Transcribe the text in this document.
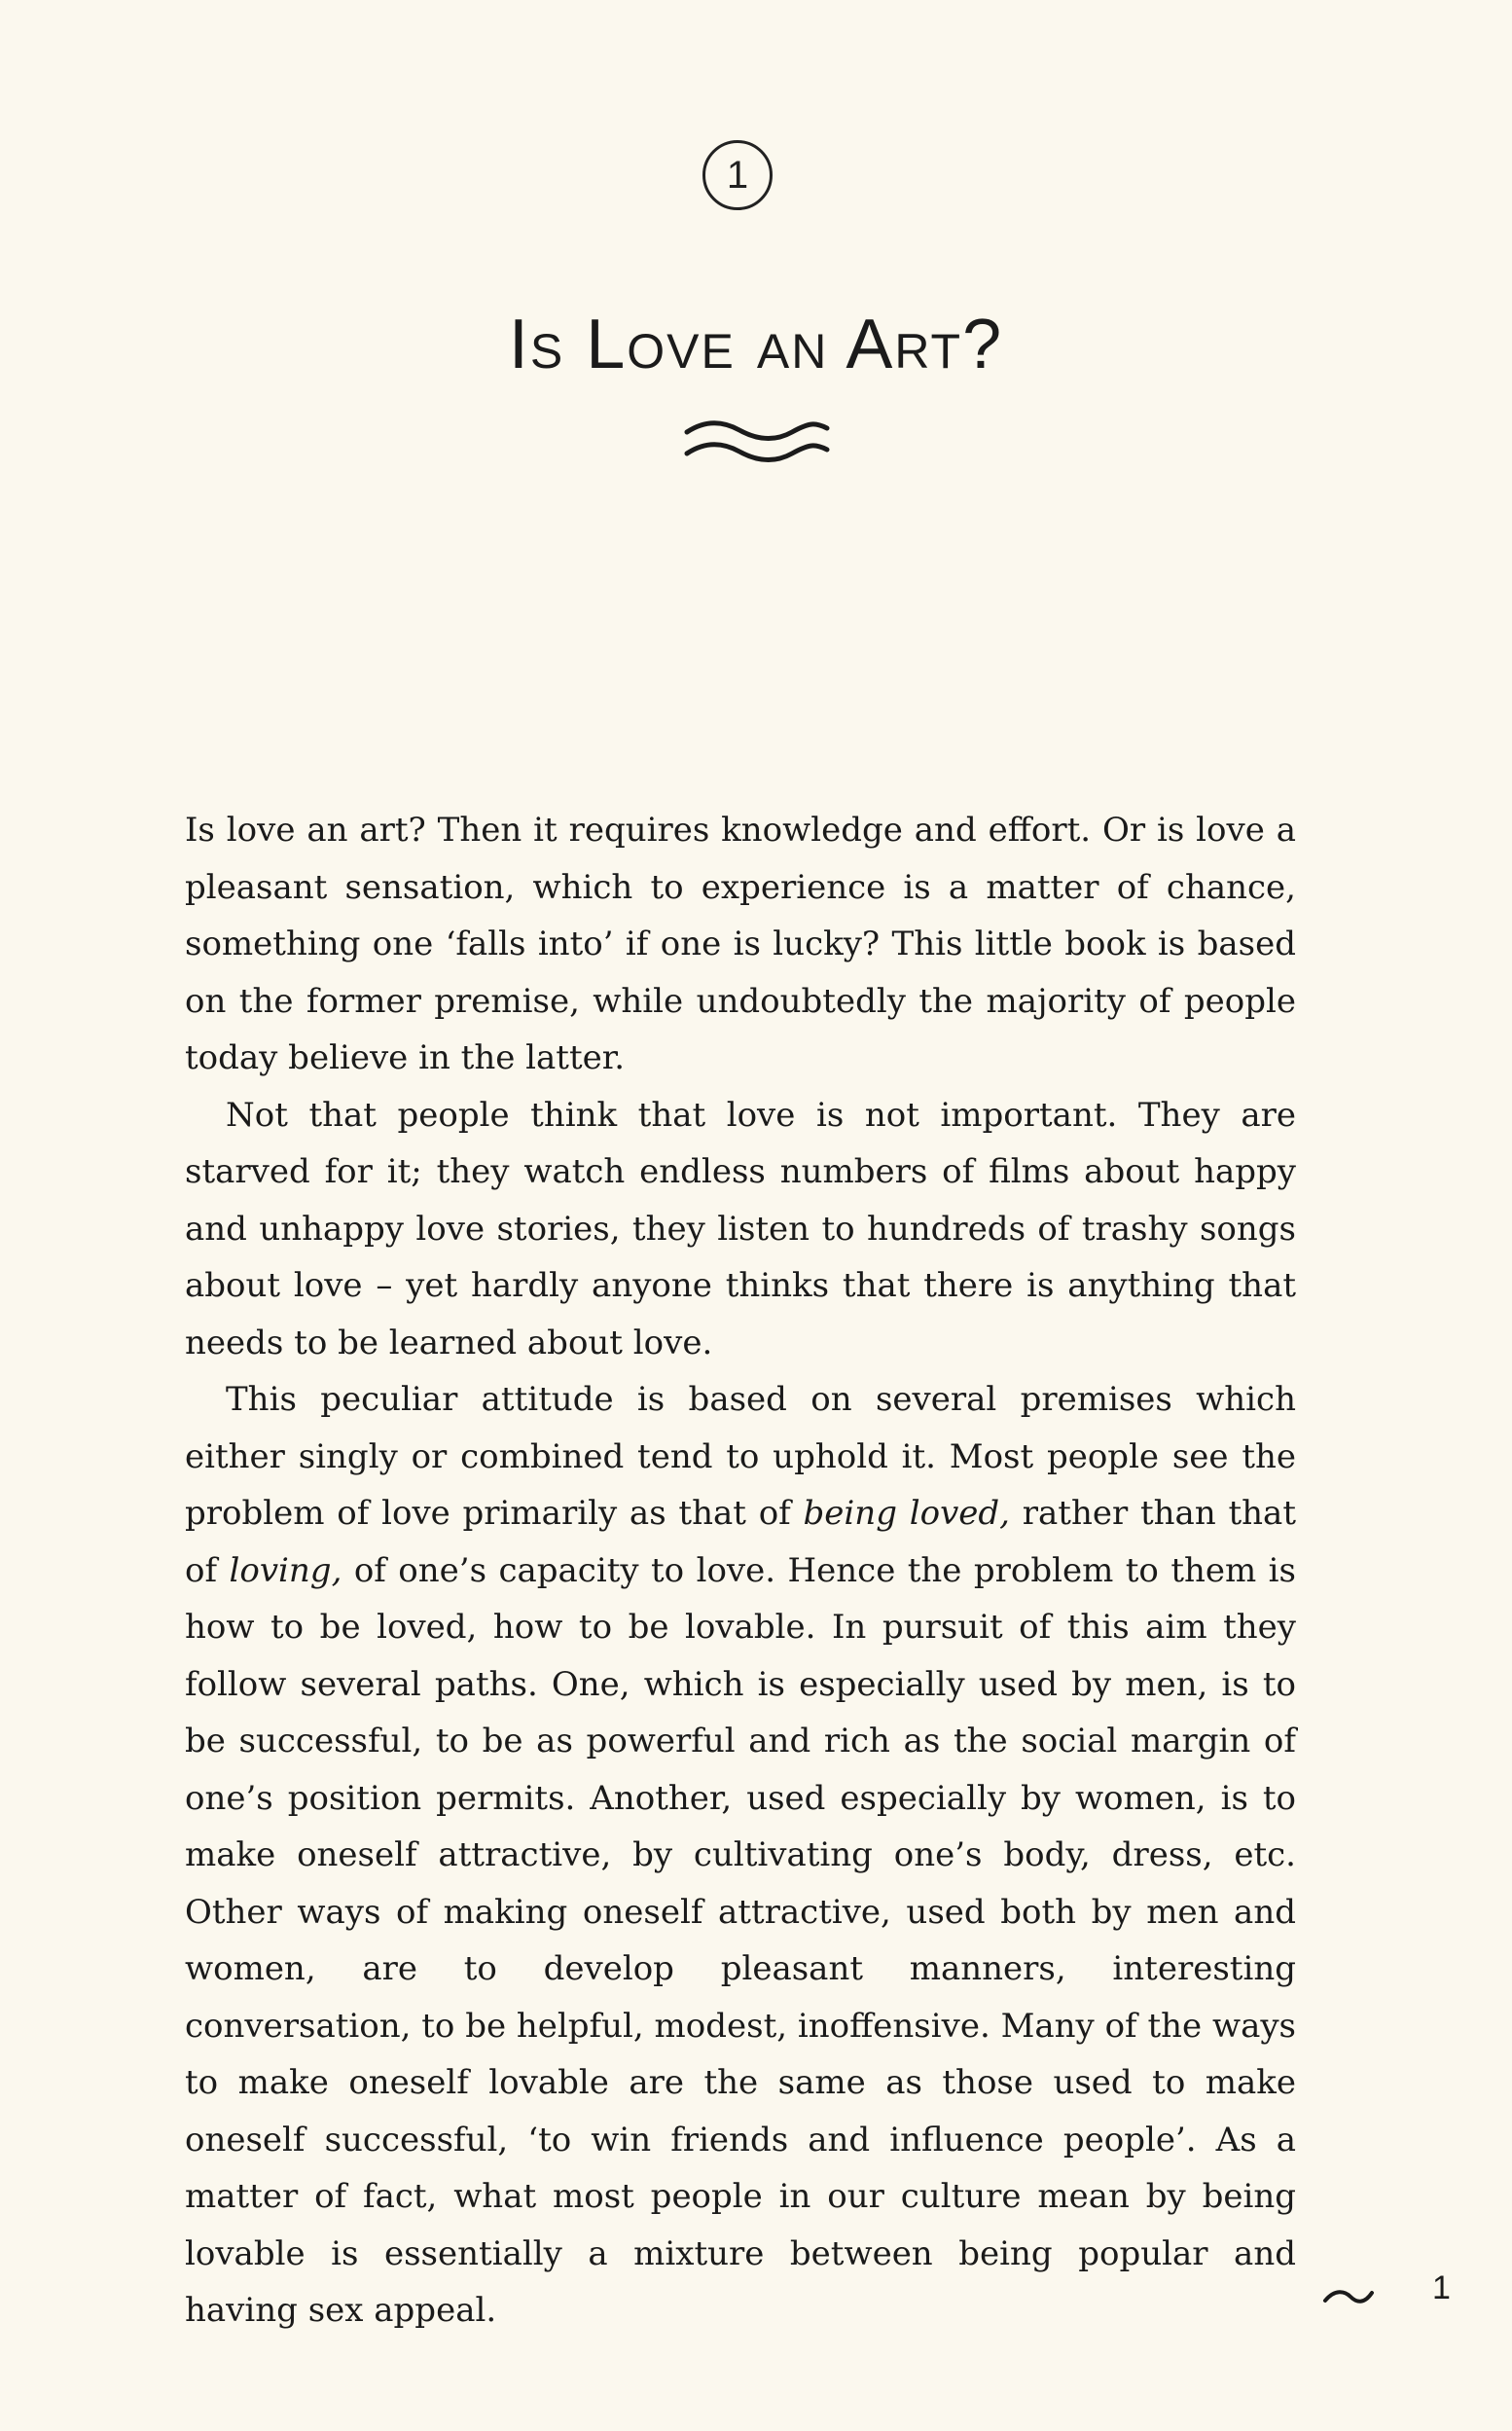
1
Is Love an Art?

Is love an art? Then it requires knowledge and effort. Or is love a pleasant sensation, which to experience is a matter of chance, something one ‘falls into’ if one is lucky? This little book is based on the former premise, while undoubtedly the majority of people today believe in the latter.

Not that people think that love is not important. They are starved for it; they watch endless numbers of films about happy and unhappy love stories, they listen to hundreds of trashy songs about love – yet hardly anyone thinks that there is anything that needs to be learned about love.

This peculiar attitude is based on several premises which either singly or combined tend to uphold it. Most people see the problem of love primarily as that of being loved, rather than that of loving, of one’s capacity to love. Hence the problem to them is how to be loved, how to be lovable. In pursuit of this aim they follow several paths. One, which is especially used by men, is to be successful, to be as powerful and rich as the social margin of one’s position permits. Another, used especially by women, is to make oneself attractive, by cultivating one’s body, dress, etc. Other ways of making oneself attractive, used both by men and women, are to develop pleasant manners, interesting conversation, to be helpful, modest, inoffensive. Many of the ways to make oneself lovable are the same as those used to make oneself successful, ‘to win friends and influence people’. As a matter of fact, what most people in our culture mean by being lovable is essentially a mixture between being popular and having sex appeal.

1
